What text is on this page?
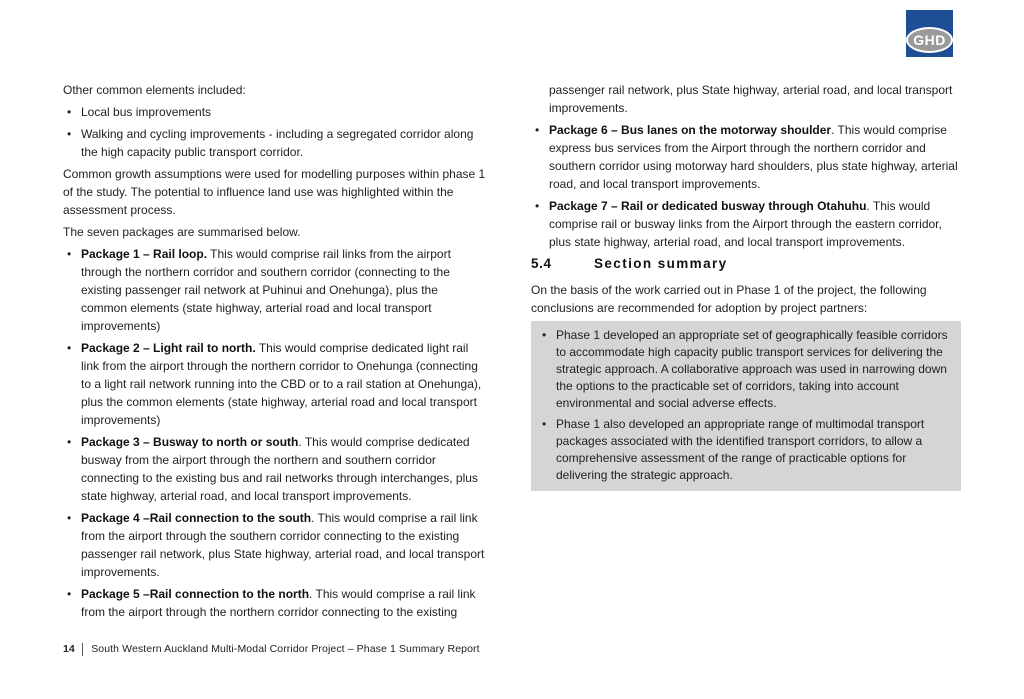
GHD
Other common elements included:
• Local bus improvements
• Walking and cycling improvements - including a segregated corridor along the high capacity public transport corridor.
Common growth assumptions were used for modelling purposes within phase 1 of the study. The potential to influence land use was highlighted within the assessment process.
The seven packages are summarised below.
• Package 1 – Rail loop. This would comprise rail links from the airport through the northern corridor and southern corridor (connecting to the existing passenger rail network at Puhinui and Onehunga), plus the common elements (state highway, arterial road and local transport improvements)
• Package 2 – Light rail to north. This would comprise dedicated light rail link from the airport through the northern corridor to Onehunga (connecting to a light rail network running into the CBD or to a rail station at Onehunga), plus the common elements (state highway, arterial road and local transport improvements)
• Package 3 – Busway to north or south. This would comprise dedicated busway from the airport through the northern and southern corridor connecting to the existing bus and rail networks through interchanges, plus state highway, arterial road, and local transport improvements.
• Package 4 –Rail connection to the south. This would comprise a rail link from the airport through the southern corridor connecting to the existing passenger rail network, plus State highway, arterial road, and local transport improvements.
• Package 5 –Rail connection to the north. This would comprise a rail link from the airport through the northern corridor connecting to the existing
passenger rail network, plus State highway, arterial road, and local transport improvements.
• Package 6 – Bus lanes on the motorway shoulder. This would comprise express bus services from the Airport through the northern corridor and southern corridor using motorway hard shoulders, plus state highway, arterial road, and local transport improvements.
• Package 7 – Rail or dedicated busway through Otahuhu. This would comprise rail or busway links from the Airport through the eastern corridor, plus state highway, arterial road, and local transport improvements.
5.4	Section summary
On the basis of the work carried out in Phase 1 of the project, the following conclusions are recommended for adoption by project partners:
• Phase 1 developed an appropriate set of geographically feasible corridors to accommodate high capacity public transport services for delivering the strategic approach. A collaborative approach was used in narrowing down the options to the practicable set of corridors, taking into account environmental and social adverse effects.
• Phase 1 also developed an appropriate range of multimodal transport packages associated with the identified transport corridors, to allow a comprehensive assessment of the range of practicable options for delivering the strategic approach.
14 South Western Auckland Multi-Modal Corridor Project – Phase 1 Summary Report
